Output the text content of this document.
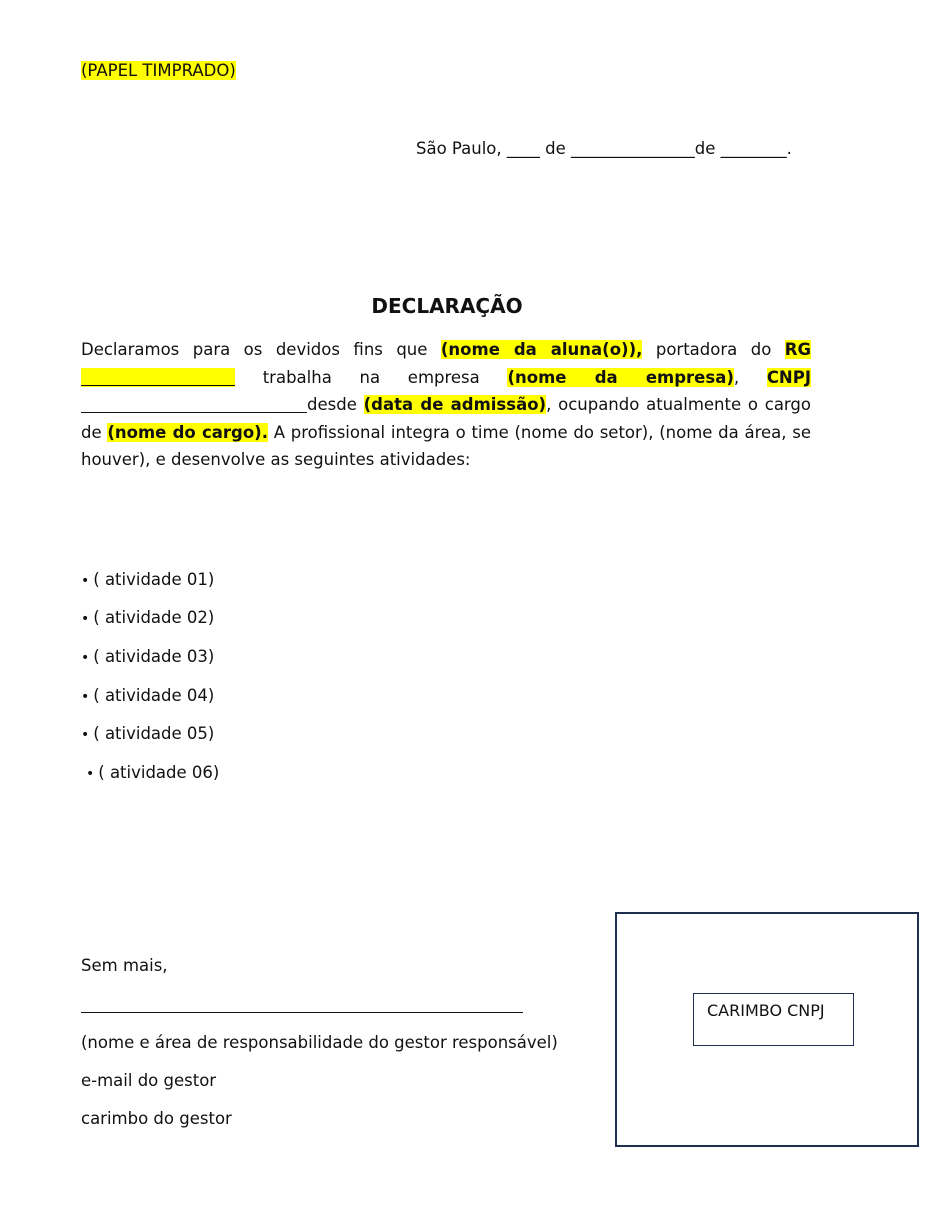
(PAPEL TIMPRADO)
São Paulo, ____ de _______________de ________.
DECLARAÇÃO
Declaramos para os devidos fins que (nome da aluna(o)), portadora do RG  trabalha na empresa (nome da empresa), CNPJ desde (data de admissão), ocupando atualmente o cargo de (nome do cargo). A profissional integra o time (nome do setor), (nome da área, se houver), e desenvolve as seguintes atividades:
• ( atividade 01)
• ( atividade 02)
• ( atividade 03)
• ( atividade 04)
• ( atividade 05)
• ( atividade 06)
Sem mais,
(nome e área de responsabilidade do gestor responsável)
e-mail do gestor
carimbo do gestor
CARIMBO CNPJ
